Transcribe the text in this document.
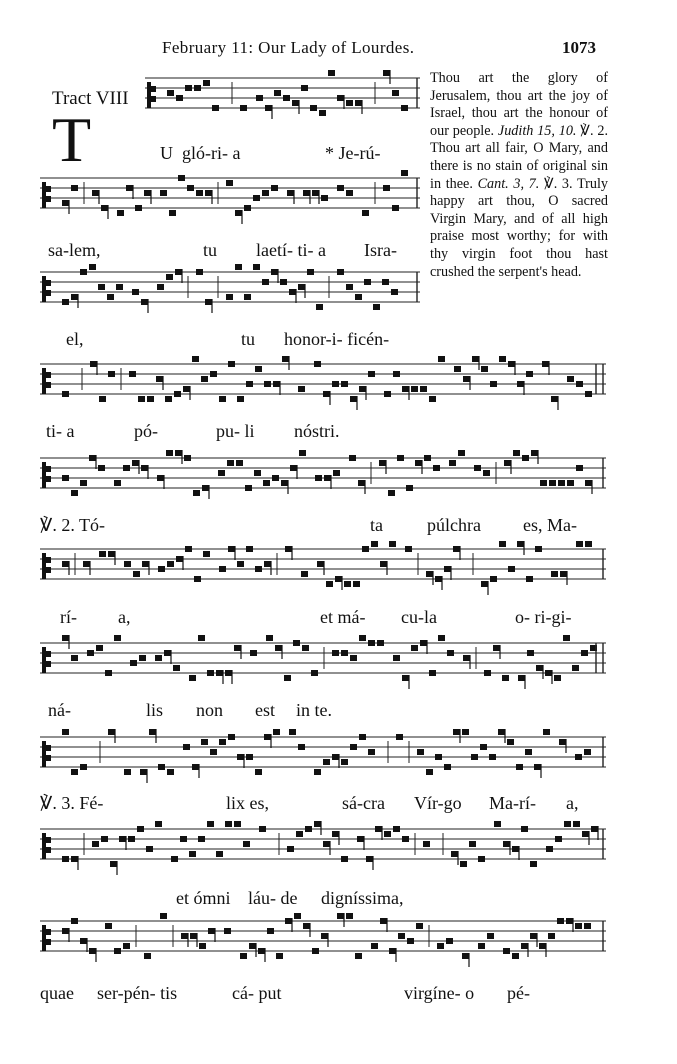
February 11: Our Lady of Lourdes.	1073
Tract VIII
T	U gló-ri- a	* Je-rú-
sa-lem,	tu laetí- ti- a Isra-
el,	tu honor-i- ficén-
ti- a	pó-	pu- li nóstri.
℣. 2. Tó-	ta púlchra es, Ma-
rí- a,	et má- cu-la	o- ri-gi-
ná-	lis non est in te.
℣. 3. Fé-	lix es,	sá-cra Vír-go Ma-rí- a,
et ómni láu- de digníssima,
quae ser-pén- tis	cá- put	virgíne- o pé-

Thou art the glory of Jerusalem, thou art the joy of Israel, thou art the honour of our people. Judith 15, 10. ℣. 2. Thou art all fair, O Mary, and there is no stain of original sin in thee. Cant. 3, 7. ℣. 3. Truly happy art thou, O sacred Virgin Mary, and of all high praise most worthy; for with thy virgin foot thou hast crushed the serpent's head.
